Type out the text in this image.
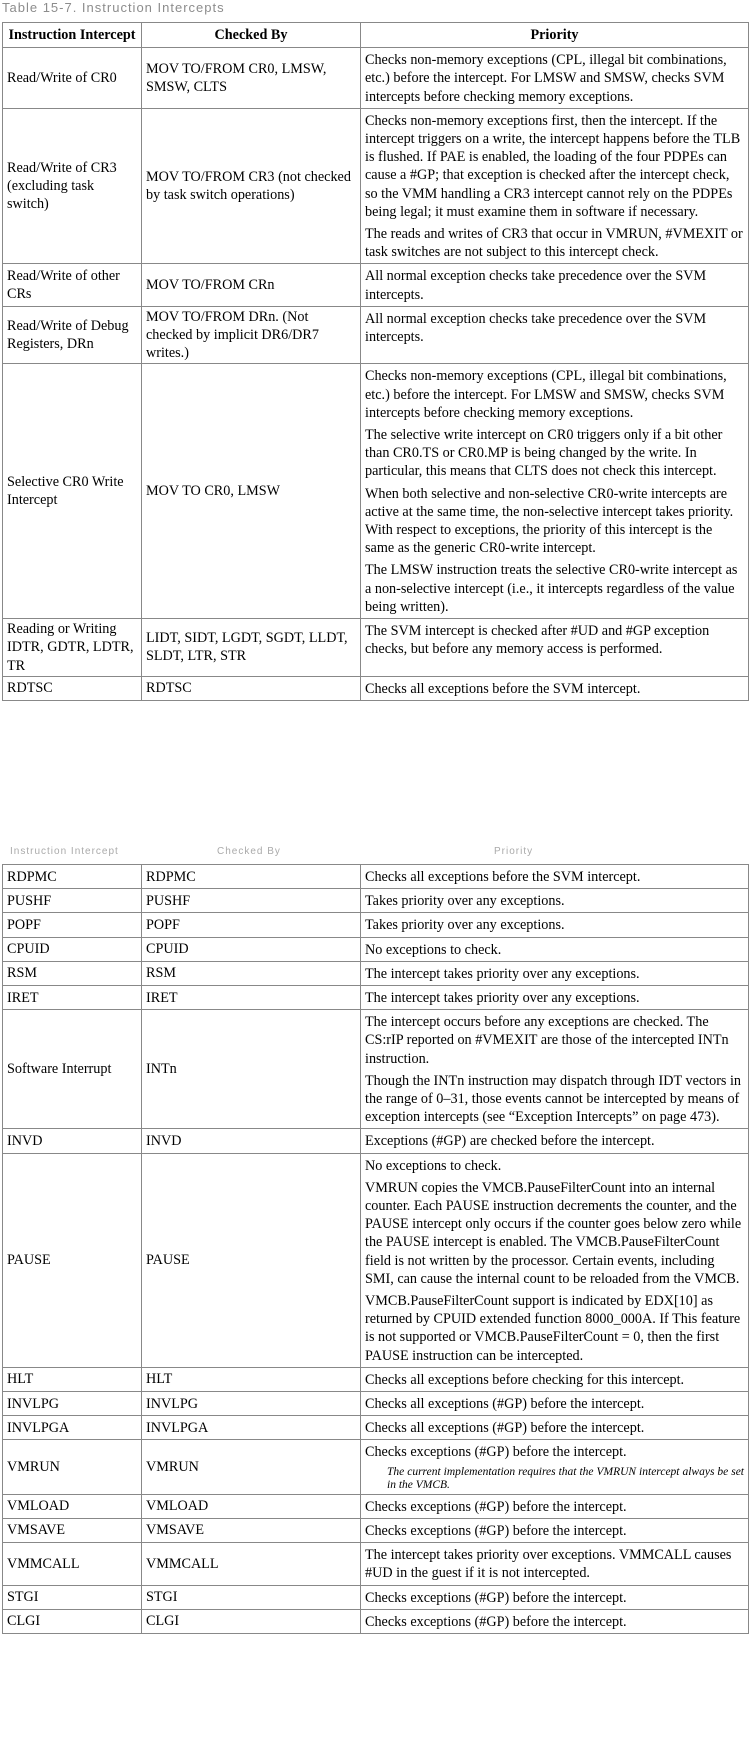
Table 15-7. Instruction Intercepts
Instruction Intercept	Checked By	Priority
Read/Write of CR0	MOV TO/FROM CR0, LMSW, SMSW, CLTS	Checks non-memory exceptions (CPL, illegal bit combinations, etc.) before the intercept. For LMSW and SMSW, checks SVM intercepts before checking memory exceptions.

Read/Write of CR3 (excluding task switch)	MOV TO/FROM CR3 (not checked by task switch operations)	Checks non-memory exceptions first, then the intercept. If the intercept triggers on a write, the intercept happens before the TLB is flushed. If PAE is enabled, the loading of the four PDPEs can cause a #GP; that exception is checked after the intercept check, so the VMM handling a CR3 intercept cannot rely on the PDPEs being legal; it must examine them in software if necessary.
The reads and writes of CR3 that occur in VMRUN, #VMEXIT or task switches are not subject to this intercept check.

Read/Write of other CRs	MOV TO/FROM CRn	All normal exception checks take precedence over the SVM intercepts.

Read/Write of Debug Registers, DRn	MOV TO/FROM DRn. (Not checked by implicit DR6/DR7 writes.)	All normal exception checks take precedence over the SVM intercepts.

Selective CR0 Write Intercept	MOV TO CR0, LMSW	Checks non-memory exceptions (CPL, illegal bit combinations, etc.) before the intercept. For LMSW and SMSW, checks SVM intercepts before checking memory exceptions.
The selective write intercept on CR0 triggers only if a bit other than CR0.TS or CR0.MP is being changed by the write. In particular, this means that CLTS does not check this intercept.
When both selective and non-selective CR0-write intercepts are active at the same time, the non-selective intercept takes priority. With respect to exceptions, the priority of this intercept is the same as the generic CR0-write intercept.
The LMSW instruction treats the selective CR0-write intercept as a non-selective intercept (i.e., it intercepts regardless of the value being written).

Reading or Writing IDTR, GDTR, LDTR, TR	LIDT, SIDT, LGDT, SGDT, LLDT, SLDT, LTR, STR	The SVM intercept is checked after #UD and #GP exception checks, but before any memory access is performed.

RDTSC	RDTSC	Checks all exceptions before the SVM intercept.
Instruction Intercept	Checked By	Priority
RDPMC	RDPMC	Checks all exceptions before the SVM intercept.

PUSHF	PUSHF	Takes priority over any exceptions.

POPF	POPF	Takes priority over any exceptions.

CPUID	CPUID	No exceptions to check.

RSM	RSM	The intercept takes priority over any exceptions.

IRET	IRET	The intercept takes priority over any exceptions.

Software Interrupt	INTn	The intercept occurs before any exceptions are checked. The CS:rIP reported on #VMEXIT are those of the intercepted INTn instruction.
Though the INTn instruction may dispatch through IDT vectors in the range of 0–31, those events cannot be intercepted by means of exception intercepts (see “Exception Intercepts” on page 473).

INVD	INVD	Exceptions (#GP) are checked before the intercept.

PAUSE	PAUSE	No exceptions to check.
VMRUN copies the VMCB.PauseFilterCount into an internal counter. Each PAUSE instruction decrements the counter, and the PAUSE intercept only occurs if the counter goes below zero while the PAUSE intercept is enabled. The VMCB.PauseFilterCount field is not written by the processor. Certain events, including SMI, can cause the internal count to be reloaded from the VMCB.
VMCB.PauseFilterCount support is indicated by EDX[10] as returned by CPUID extended function 8000_000A. If This feature is not supported or VMCB.PauseFilterCount = 0, then the first PAUSE instruction can be intercepted.

HLT	HLT	Checks all exceptions before checking for this intercept.

INVLPG	INVLPG	Checks all exceptions (#GP) before the intercept.

INVLPGA	INVLPGA	Checks all exceptions (#GP) before the intercept.

VMRUN	VMRUN	Checks exceptions (#GP) before the intercept.
The current implementation requires that the VMRUN intercept always be set in the VMCB.

VMLOAD	VMLOAD	Checks exceptions (#GP) before the intercept.

VMSAVE	VMSAVE	Checks exceptions (#GP) before the intercept.

VMMCALL	VMMCALL	The intercept takes priority over exceptions. VMMCALL causes #UD in the guest if it is not intercepted.

STGI	STGI	Checks exceptions (#GP) before the intercept.

CLGI	CLGI	Checks exceptions (#GP) before the intercept.
